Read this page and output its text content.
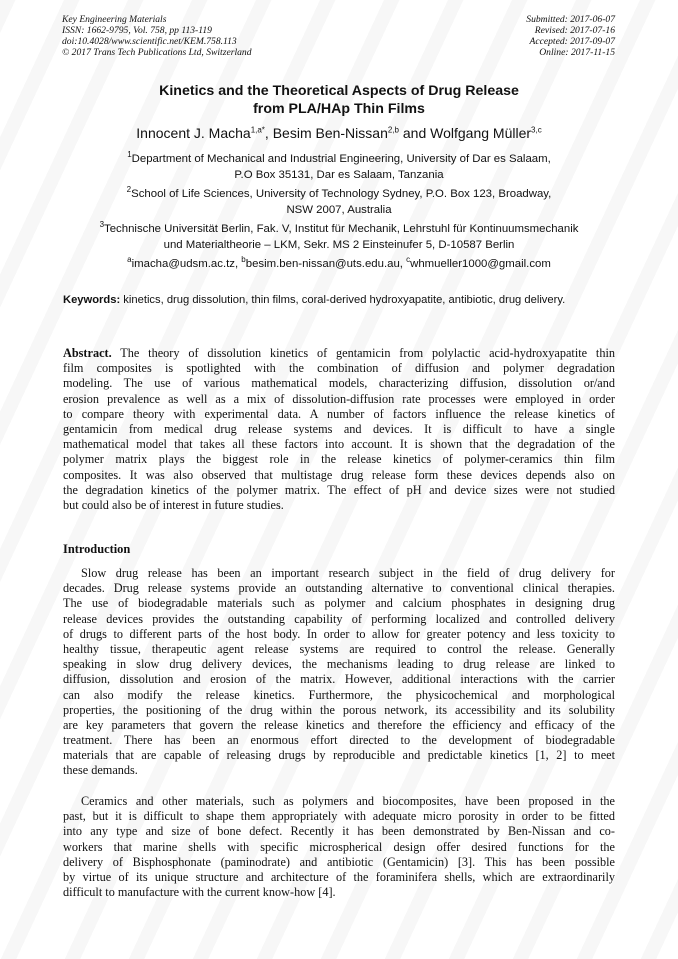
Key Engineering Materials
ISSN: 1662-9795, Vol. 758, pp 113-119
doi:10.4028/www.scientific.net/KEM.758.113
© 2017 Trans Tech Publications Ltd, Switzerland
Submitted: 2017-06-07
Revised: 2017-07-16
Accepted: 2017-09-07
Online: 2017-11-15
Kinetics and the Theoretical Aspects of Drug Release
from PLA/HAp Thin Films
Innocent J. Macha$^{1,a*}$, Besim Ben-Nissan$^{2,b}$ and Wolfgang Müller$^{3,c}$
$^1$Department of Mechanical and Industrial Engineering, University of Dar es Salaam,
P.O Box 35131, Dar es Salaam, Tanzania
$^2$School of Life Sciences, University of Technology Sydney, P.O. Box 123, Broadway,
NSW 2007, Australia
$^3$Technische Universität Berlin, Fak. V, Institut für Mechanik, Lehrstuhl für Kontinuumsmechanik
und Materialtheorie – LKM, Sekr. MS 2 Einsteinufer 5, D-10587 Berlin
$^a$imacha@udsm.ac.tz, $^b$besim.ben-nissan@uts.edu.au, $^c$whmueller1000@gmail.com
Keywords: kinetics, drug dissolution, thin films, coral-derived hydroxyapatite, antibiotic, drug delivery.
Abstract. The theory of dissolution kinetics of gentamicin from polylactic acid-hydroxyapatite thin
film composites is spotlighted with the combination of diffusion and polymer degradation
modeling. The use of various mathematical models, characterizing diffusion, dissolution or/and
erosion prevalence as well as a mix of dissolution-diffusion rate processes were employed in order
to compare theory with experimental data. A number of factors influence the release kinetics of
gentamicin from medical drug release systems and devices. It is difficult to have a single
mathematical model that takes all these factors into account. It is shown that the degradation of the
polymer matrix plays the biggest role in the release kinetics of polymer-ceramics thin film
composites. It was also observed that multistage drug release form these devices depends also on
the degradation kinetics of the polymer matrix. The effect of pH and device sizes were not studied
but could also be of interest in future studies.
Introduction
Slow drug release has been an important research subject in the field of drug delivery for
decades. Drug release systems provide an outstanding alternative to conventional clinical therapies.
The use of biodegradable materials such as polymer and calcium phosphates in designing drug
release devices provides the outstanding capability of performing localized and controlled delivery
of drugs to different parts of the host body. In order to allow for greater potency and less toxicity to
healthy tissue, therapeutic agent release systems are required to control the release. Generally
speaking in slow drug delivery devices, the mechanisms leading to drug release are linked to
diffusion, dissolution and erosion of the matrix. However, additional interactions with the carrier
can also modify the release kinetics. Furthermore, the physicochemical and morphological
properties, the positioning of the drug within the porous network, its accessibility and its solubility
are key parameters that govern the release kinetics and therefore the efficiency and efficacy of the
treatment. There has been an enormous effort directed to the development of biodegradable
materials that are capable of releasing drugs by reproducible and predictable kinetics [1, 2] to meet
these demands.
Ceramics and other materials, such as polymers and biocomposites, have been proposed in the
past, but it is difficult to shape them appropriately with adequate micro porosity in order to be fitted
into any type and size of bone defect. Recently it has been demonstrated by Ben-Nissan and co-
workers that marine shells with specific microspherical design offer desired functions for the
delivery of Bisphosphonate (paminodrate) and antibiotic (Gentamicin) [3]. This has been possible
by virtue of its unique structure and architecture of the foraminifera shells, which are extraordinarily
difficult to manufacture with the current know-how [4].
